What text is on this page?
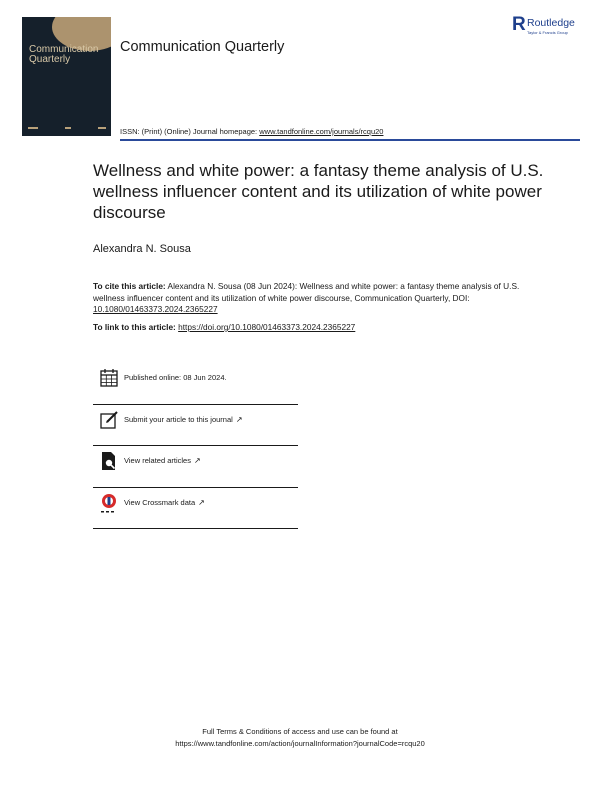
Communication
Quarterly
Communication Quarterly
R Routledge
Taylor & Francis Group
ISSN: (Print) (Online) Journal homepage: www.tandfonline.com/journals/rcqu20
Wellness and white power: a fantasy theme analysis of U.S. wellness influencer content and its utilization of white power discourse
Alexandra N. Sousa
To cite this article: Alexandra N. Sousa (08 Jun 2024): Wellness and white power: a fantasy theme analysis of U.S. wellness influencer content and its utilization of white power discourse, Communication Quarterly, DOI: 10.1080/01463373.2024.2365227
To link to this article: https://doi.org/10.1080/01463373.2024.2365227
Published online: 08 Jun 2024.
Submit your article to this journal ↗
View related articles ↗
View Crossmark data ↗
Full Terms & Conditions of access and use can be found at
https://www.tandfonline.com/action/journalInformation?journalCode=rcqu20
